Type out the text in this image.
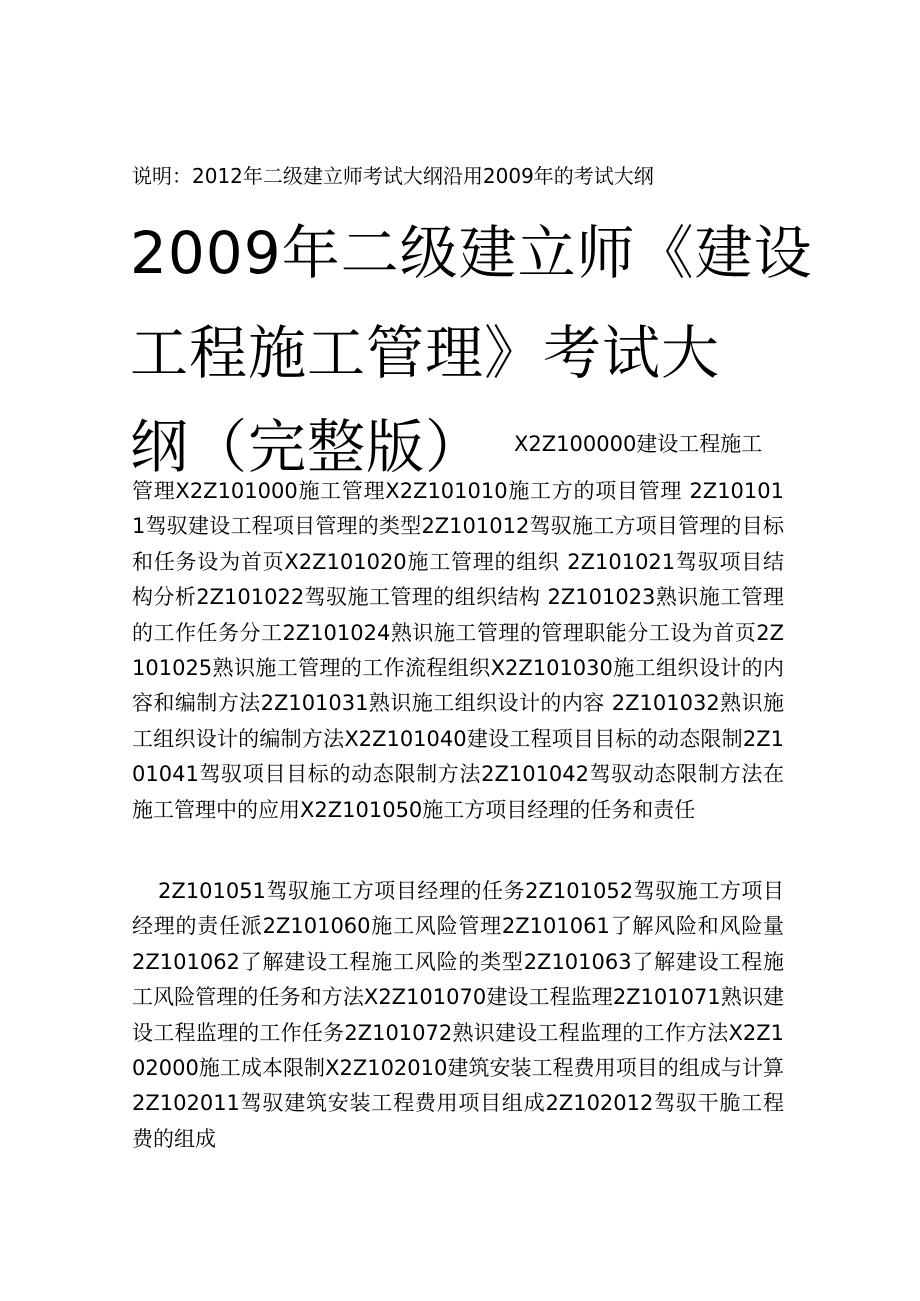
说明：2012年二级建立师考试大纲沿用2009年的考试大纲
2009年二级建立师《建设
工程施工管理》考试大
纲（完整版） X2Z100000建设工程施工
管理X2Z101000施工管理X2Z101010施工方的项目管理 2Z101011驾驭建设工程项目管理的类型2Z101012驾驭施工方项目管理的目标和任务设为首页X2Z101020施工管理的组织 2Z101021驾驭项目结构分析2Z101022驾驭施工管理的组织结构 2Z101023熟识施工管理的工作任务分工2Z101024熟识施工管理的管理职能分工设为首页2Z101025熟识施工管理的工作流程组织X2Z101030施工组织设计的内容和编制方法2Z101031熟识施工组织设计的内容 2Z101032熟识施工组织设计的编制方法X2Z101040建设工程项目目标的动态限制2Z101041驾驭项目目标的动态限制方法2Z101042驾驭动态限制方法在施工管理中的应用X2Z101050施工方项目经理的任务和责任
2Z101051驾驭施工方项目经理的任务2Z101052驾驭施工方项目经理的责任派2Z101060施工风险管理2Z101061了解风险和风险量 2Z101062了解建设工程施工风险的类型2Z101063了解建设工程施工风险管理的任务和方法X2Z101070建设工程监理2Z101071熟识建设工程监理的工作任务2Z101072熟识建设工程监理的工作方法X2Z102000施工成本限制X2Z102010建筑安装工程费用项目的组成与计算2Z102011驾驭建筑安装工程费用项目组成2Z102012驾驭干脆工程费的组成
